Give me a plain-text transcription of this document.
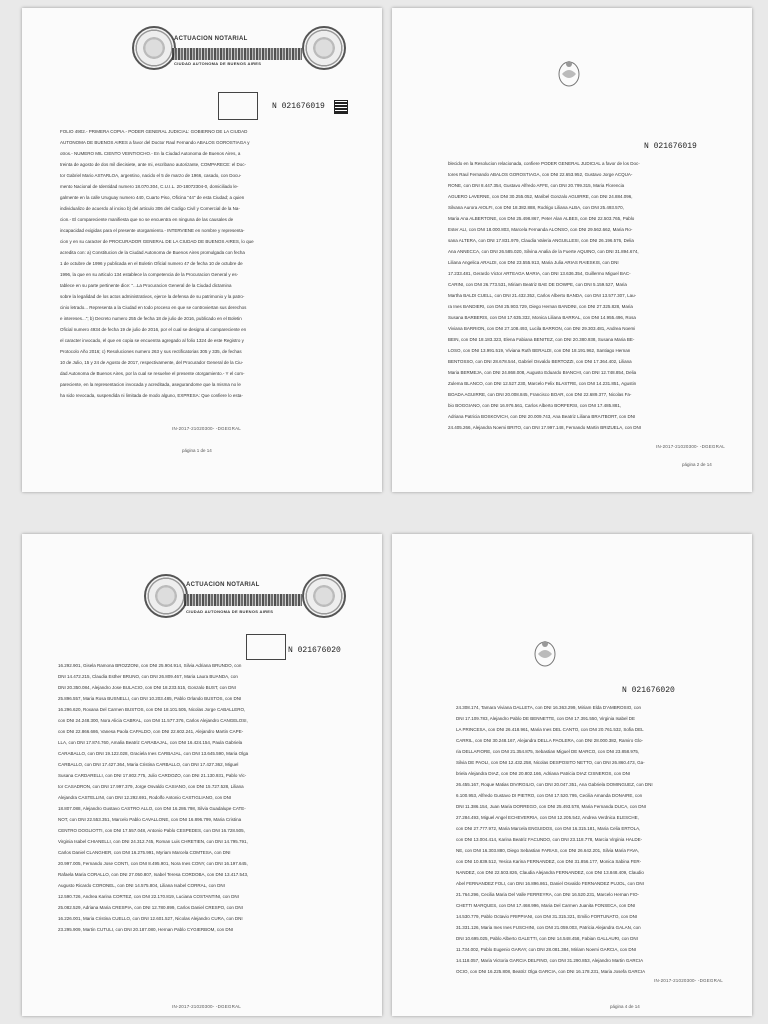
ACTUACION NOTARIAL
CIUDAD AUTONOMA DE BUENOS AIRES
N 021676019
FOLIO 4902.- PRIMERA COPIA.- PODER GENERAL JUDICIAL: GOBIERNO DE LA CIUDAD
AUTONOMA DE BUENOS AIRES a favor del Doctor Raul Fernando ABALOS GOROSTIAGA y
otros.- NUMERO MIL CIENTO VEINTIOCHO.- En la Ciudad Autonoma de Buenos Aires, a
treinta de agosto de dos mil diecisiete, ante mi, escribano autorizante, COMPARECE: el Doc-
tor Gabriel Mario ASTARLOA, argentino, nacido el 5 de marzo de 1966, casado, con Docu-
mento Nacional de Identidad numero 18.070.304, C.U.I.L. 20-18072304-0, domiciliado le-
galmente en la calle Uruguay numero 440, Cuarto Piso, Oficina "44" de esta Ciudad; a quien
individualizo de acuerdo al inciso b) del articulo 306 del Codigo Civil y Comercial de la Na-
cion.- El compareciente manifiesta que no se encuentra en ninguna de las causales de
incapacidad exigidas para el presente otorgamiento.- INTERVIENE en nombre y representa-
cion y en su caracter de PROCURADOR GENERAL DE LA CIUDAD DE BUENOS AIRES, lo que
acredita con: a) Constitucion de la Ciudad Autonoma de Buenos Aires promulgada con fecha
1 de octubre de 1996 y publicada en el Boletin Oficial numero 47 de fecha 10 de octubre de
1996, la que en su articulo 134 establece la competencia de la Procuracion General y es-
tablece en su parte pertinente dice: "...La Procuracion General de la Ciudad dictamina
sobre la legalidad de los actos administrativos, ejerce la defensa de su patrimonio y la patro-
cinio letrado... Representa a la Ciudad en todo proceso en que se controviertan sus derechos
e intereses..."; b) Decreto numero 255 de fecha 18 de julio de 2016, publicado en el Boletin
Oficial numero 4934 de fecha 19 de julio de 2016, por el cual se designa al compareciente en
el caracter invocado, el que en copia se encuentra agregado al folio 1324 de este Registro y
Protocolo Año 2016; c) Resoluciones numero 263 y sus rectificatorias 305 y 335, de fechas
10 de Julio, 15 y 24 de Agosto de 2017, respectivamente, del Procurador General de la Ciu-
dad Autonoma de Buenos Aires, por la cual se resuelve el presente otorgamiento.- Y el com-
pareciente, en la representacion invocada y acreditada, asegurandome que la misma no le
ha sido revocada, suspendida ni limitada de modo alguno, EXPRESA: Que confiere lo esta-
IN-2017-21020300- -DGEGRAL
página 1 de 14
N 021676019
blecido en la Resolucion relacionada, confiere PODER GENERAL JUDICIAL a favor de los Doc-
tores Raul Fernando ABALOS GOROSTIAGA, con DNI 22.653.952, Gustavo Jorge ACQUA-
RONE, con DNI 8.447.354, Gustavo Alfredo AFFE, con DNI 20.799.315, Maria Florencia
AGUERO LAVERNE, con DNI 30.255.052, Maribel Gonzalo AGUIRRE, con DNI 24.884.096,
Silvana Aurora AIOLFI, con DNI 18.382.888, Rodrigo Liliana ALBA, con DNI 25.493.570,
Maria Ana ALBERTONE, con DNI 25.498.867, Peter Alan ALBES, con DNI 22.503.765, Pablo
Ester ALI, con DNI 18.000.803, Marcela Fernanda ALONSO, con DNI 29.562.662, Maria Ro-
sana ALTERA, con DNI 17.831.979, Claudia Valeria ANGUILLESI, con DNI 26.196.576, Delia
Ana ANNECCA, con DNI 26.585.020, Silvina Analia de la Fuerte AQUINO, con DNI 31.894.674,
Liliana Angelica ARALDI, con DNI 23.555.913, Maria Julia ARIAS RAIESKIS, con DNI
17.233.481, Gerardo Victor ARTEAGA MARIA, con DNI 13.636.354, Guillermo Miguel BAC-
CARINI, con DNI 26.773.531, Miriam Beatriz BAE DE DOWPE, con DNI 5.159.527, Maria
Martha BALDI CUELL, con DNI 21.432.352, Carlos Alberto BANDA, con DNI 13.577.307, Lau-
ra Ines BANDIERI, con DNI 25.903.729, Diego Hernan BANDINI, con DNI 27.325.828, Maria
Susana BARBERIS, con DNI 17.635.332, Monica Liliana BARRAL, con DNI 14.955.496, Rosa
Viviana BARRION, con DNI 27.108.493, Lucila BARRON, con DNI 29.303.481, Andrea Noemi
BEIN, con DNI 18.183.323, Elena Fabiana BENITEZ, con DNI 20.380.938, Susana Maria BE-
LOSO, con DNI 13.991.519, Viviana Ruth BERALDI, con DNI 18.191.962, Santiago Hernan
BENTOSSO, con DNI 28.678.544, Gabriel Osvaldo BERTOZZI, con DNI 17.364.402, Liliana
Maria BERMEJA, con DNI 24.868.008, Augusto Eduardo BIANCHI, con DNI 12.748.854, Delia
Zulema BLANCO, con DNI 12.527.230, Marcelo Felix BLASTRE, con DNI 14.231.851, Agustin
BOADA AGUIRRE, con DNI 20.008.845, Francisco BOAR, con DNI 22.689.377, Nicolas Fa-
bio BOGGIANO, con DNI 16.976.561, Carlos Alberto BORFERSI, con DNI 17.485.881,
Adriana Patricia BOSKOVICH, con DNI 20.009.743, Ana Beatriz Liliana BRAITBORT, con DNI
24.405.266, Alejandra Noemi BRITO, con DNI 17.997.148, Fernando Martin BRIZUELA, con DNI
IN-2017-21020300- -DGEGRAL
página 2 de 14
ACTUACION NOTARIAL
CIUDAD AUTONOMA DE BUENOS AIRES
N 021676020
16.292.901, Gisela Ramona BROZZONI, con DNI 25.904.914, Silvia Adriana BRUNDO, con
DNI 14.472.215, Claudia Esther BRUNO, con DNI 26.809.467, Maria Laura BUANDA, con
DNI 20.350.084, Alejandro Jose BULACIO, con DNI 18.233.515, Gonzalo BUST, con DNI
25.896.557, Maria Rosa BUSNELLI, con DNI 10.203.485, Pablo Orlando BUSTOS, con DNI
16.296.620, Roxana Del Carmen BUSTOS, con DNI 18.101.505, Nicolas Jorge CABALLERO,
con DNI 24.248.300, Nora Alicia CABRAL, con DNI 11.577.376, Carlos Alejandro CANGELOSI,
con DNI 22.866.686, Vanesa Paola CAPALDO, con DNI 22.602.241, Alejandro Martin CAPE-
LLA, con DNI 17.874.760, Amalia Beatriz CARABAJAL, con DNI 16.424.154, Paula Gabriela
CARABALLO, con DNI 19.122.028, Graciela Ines CARBAJAL, con DNI 13.645.590, Maria Olga
CARBALLO, con DNI 17.427.364, Maria Cristina CARBALLO, con DNI 17.427.362, Miguel
Susana CARDARELLI, con DNI 17.802.775, Julio CARDOZO, con DNI 21.130.931, Pablo Vic-
tor CASADRON, con DNI 17.997.379, Jorge Osvaldo CASIANO, con DNI 15.727.528, Liliana
Alejandra CASTELLINI, con DNI 12.292.691, Rodolfo Antonio CASTIGLIANO, con DNI
18.807.088, Alejandro Gustavo CASTRO ALLO, con DNI 16.286.798, Silvia Guadalupe CATE-
NOT, con DNI 22.553.351, Marcelo Pablo CAVALLONE, con DNI 16.896.799, Maria Cristina
CENTRO DOGLIOTTI, con DNI 17.557.048, Antonio Pablo CESPEDES, con DNI 16.728.505,
Virginia Isabel CHIANELLI, con DNI 24.312.745, Roman Luis CHRETIEN, con DNI 14.795.791,
Carlos Daniel CLANGHER, con DNI 16.275.991, Myriam Marcela COMTESA, con DNI
20.997.005, Fernando Jose CONTI, con DNI 8.495.901, Nora Ines CONY, con DNI 16.197.645,
Rafaela Maria CORALLO, con DNI 27.050.807, Isabel Teresa CORDOBA, con DNI 13.417.543,
Augusto Ricardo CORONEL, con DNI 14.575.804, Liliana Isabel CORRAL, con DNI
12.590.726, Andrea Karina CORTEZ, con DNI 22.170.819, Luciana COSTANTINI, con DNI
25.082.529, Adriana Maria CRESPIA, con DNI 12.780.899, Carlos Daniel CRESPO, con DNI
16.226.001, Maria Cristina CUELLO, con DNI 12.601.527, Nicolas Alejandro CURA, con DNI
23.295.909, Martin CUTULI, con DNI 20.187.080, Hernan Pablo CYGIERBOM, con DNI
IN-2017-21020300- -DGEGRAL
N 021676020
24.308.174, Tamara Viviana DALLETA, con DNI 16.363.299, Miriam Elda D'AMBROSIO, con
DNI 17.109.783, Alejandro Pablo DE BENNETTE, con DNI 17.391.550, Virginia Isabel DE
LA PRINCESA, con DNI 26.418.961, Maria Ines DEL CANTO, con DNI 20.761.532, Sofia DEL
CARRIL, con DNI 30.248.167, Alejandra DELLA PAOLERA, con DNI 28.000.382, Ramiro Glo-
ria DELLAFIORE, con DNI 21.354.875, Sebastian Miguel DE MARCO, con DNI 23.858.975,
Silvia DE PAOLI, con DNI 12.432.258, Nicolas DESPOSITO NETTO, con DNI 26.860.473, Ga-
briela Alejandra DIAZ, con DNI 20.802.166, Adriana Patricia DIAZ CISNEROS, con DNI
26.455.167, Roque Matias DIVIRGILIO, con DNI 20.047.351, Ana Gabriela DOMINGUEZ, con DNI
6.100.953, Alfredo Gustavo DI PIETRO, con DNI 17.520.795, Cecilia Amanda DONAIRE, con
DNI 11.386.154, Juan Maria DORREGO, con DNI 25.493.578, Maria Fernanda DUCA, con DNI
27.284.493, Miguel Angel ECHEVERRIA, con DNI 12.205.542, Andrea Verdnica ELESCHE,
con DNI 27.777.972, Maria Marcela ENGUIDOS, con DNI 16.315.181, Maria Celia ERTOLA,
con DNI 13.004.414, Karina Beatriz FACUNDO, con DNI 23.118.778, Marcia Virginia HALDE-
NE, con DNI 16.303.880, Diego Sebastian FARIAS, con DNI 26.642.201, Silvia Maria FAVA,
con DNI 10.839.512, Yesica Karina FERNANDEZ, con DNI 31.856.177, Monica Sabina FER-
NANDEZ, con DNI 22.503.826, Claudia Alejandra FERNANDEZ, con DNI 13.848.409, Claudio
Abel FERNANDEZ FOLI, con DNI 16.896.861, Daniel Osvaldo FERNANDEZ PUJOL, con DNI
21.764.296, Cecilia Maria Del Valle FERREYRA, con DNI 16.520.231, Marcelo Hernan FIO-
CHETTI MARQUES, con DNI 17.468.996, Maria Del Carmen Juanita FONSECA, con DNI
14.530.779, Pablo Octavio FRIPPIANI, con DNI 31.315.321, Emilio FORTUNATO, con DNI
31.331.126, Maria Ines Ines FUSCHINI, con DNI 21.059.003, Patricia Alejandra GALAN, con
DNI 10.695.025, Pablo Alberto GALETTI, con DNI 14.548.458, Fabian GALLAURI, con DNI
11.734.002, Pablo Eugenio GARAY, con DNI 28.081.384, Miriam Noemi GARCIA, con DNI
14.118.057, Maria Victoria GARCIA DELFINO, con DNI 31.290.853, Alejandro Martin GARCIA
OCIO, con DNI 16.225.808, Beatriz Olga GARCIA, con DNI 16.178.231, Maria Josefa GARCIA
IN-2017-21020300- -DGEGRAL
página 4 de 14
